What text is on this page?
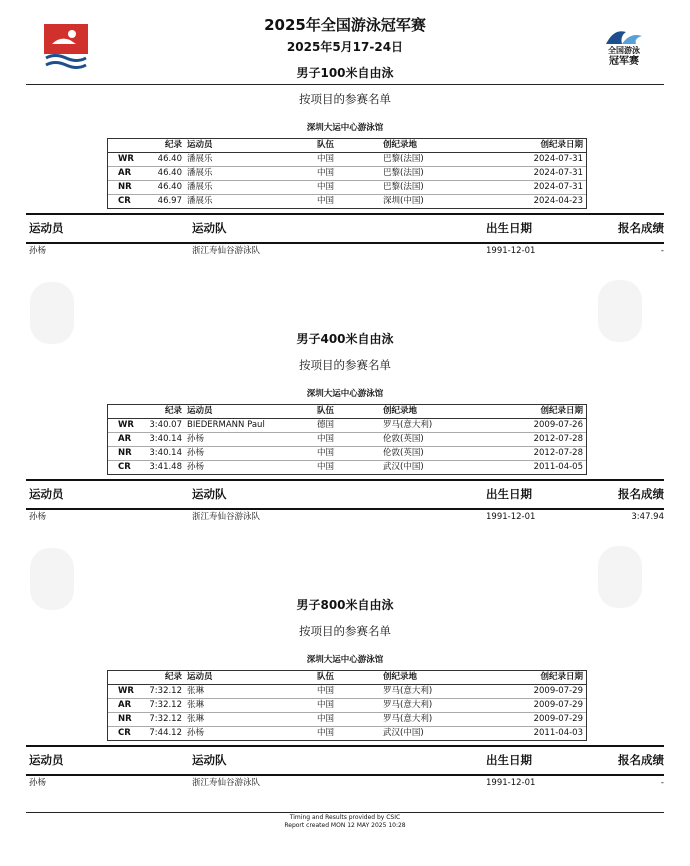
2025年全国游泳冠军赛
2025年5月17-24日	全国游泳
冠军赛
男子100米自由泳
按项目的参赛名单
深圳大运中心游泳馆
纪录 运动员	队伍	创纪录地	创纪录日期
WR	46.40 潘展乐	中国	巴黎(法国)	2024-07-31
AR	46.40 潘展乐	中国	巴黎(法国)	2024-07-31
NR	46.40 潘展乐	中国	巴黎(法国)	2024-07-31
CR	46.97 潘展乐	中国	深圳(中国)	2024-04-23
运动员	运动队	出生日期	报名成绩
孙杨	浙江寿仙谷游泳队	1991-12-01	-
男子400米自由泳
按项目的参赛名单
深圳大运中心游泳馆
纪录 运动员	队伍	创纪录地	创纪录日期
WR 3:40.07 BIEDERMANN Paul	德国	罗马(意大利)	2009-07-26
AR 3:40.14 孙杨	中国	伦敦(英国)	2012-07-28
NR 3:40.14 孙杨	中国	伦敦(英国)	2012-07-28
CR 3:41.48 孙杨	中国	武汉(中国)	2011-04-05
运动员	运动队	出生日期	报名成绩
孙杨	浙江寿仙谷游泳队	1991-12-01	3:47.94
男子800米自由泳
按项目的参赛名单
深圳大运中心游泳馆
纪录 运动员	队伍	创纪录地	创纪录日期
WR 7:32.12 张琳	中国	罗马(意大利)	2009-07-29
AR 7:32.12 张琳	中国	罗马(意大利)	2009-07-29
NR 7:32.12 张琳	中国	罗马(意大利)	2009-07-29
CR 7:44.12 孙杨	中国	武汉(中国)	2011-04-03
运动员	运动队	出生日期	报名成绩
孙杨	浙江寿仙谷游泳队	1991-12-01	-
Timing and Results provided by CSIC
Report created MON 12 MAY 2025 10:28
